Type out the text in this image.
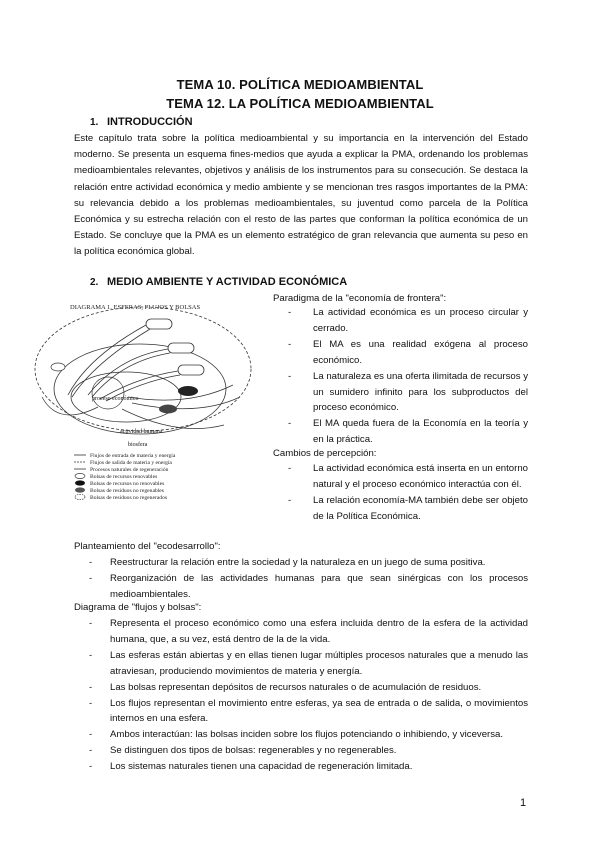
TEMA 10. POLÍTICA MEDIOAMBIENTAL
TEMA 12. LA POLÍTICA MEDIOAMBIENTAL
1. INTRODUCCIÓN
Este capítulo trata sobre la política medioambiental y su importancia en la intervención del Estado moderno. Se presenta un esquema fines-medios que ayuda a explicar la PMA, ordenando los problemas medioambientales relevantes, objetivos y análisis de los instrumentos para su consecución. Se destaca la relación entre actividad económica y medio ambiente y se mencionan tres rasgos importantes de la PMA: su relevancia debido a los problemas medioambientales, su juventud como parcela de la Política Económica y su estrecha relación con el resto de las partes que conforman la política económica de un Estado. Se concluye que la PMA es un elemento estratégico de gran relevancia que aumenta su peso en la política económica global.
2. MEDIO AMBIENTE Y ACTIVIDAD ECONÓMICA
DIAGRAMA 1. ESFERAS, FLUJOS Y BOLSAS
proceso económico
actividad humana
biosfera
Flujos de entrada de materia y energía
Flujos de salida de materia y energía
Procesos naturales de regeneración
Bolsas de recursos renovables
Bolsas de recursos no renovables
Bolsas de residuos no regenables
Bolsas de residuos no regenerados
Paradigma de la "economía de frontera":
- La actividad económica es un proceso circular y cerrado.
- El MA es una realidad exógena al proceso económico.
- La naturaleza es una oferta ilimitada de recursos y un sumidero infinito para los subproductos del proceso económico.
- El MA queda fuera de la Economía en la teoría y en la práctica.
Cambios de percepción:
- La actividad económica está inserta en un entorno natural y el proceso económico interactúa con él.
- La relación economía-MA también debe ser objeto de la Política Económica.
Planteamiento del "ecodesarrollo":
- Reestructurar la relación entre la sociedad y la naturaleza en un juego de suma positiva.
- Reorganización de las actividades humanas para que sean sinérgicas con los procesos medioambientales.
Diagrama de "flujos y bolsas":
- Representa el proceso económico como una esfera incluida dentro de la esfera de la actividad humana, que, a su vez, está dentro de la de la vida.
- Las esferas están abiertas y en ellas tienen lugar múltiples procesos naturales que a menudo las atraviesan, produciendo movimientos de materia y energía.
- Las bolsas representan depósitos de recursos naturales o de acumulación de residuos.
- Los flujos representan el movimiento entre esferas, ya sea de entrada o de salida, o movimientos internos en una esfera.
- Ambos interactúan: las bolsas inciden sobre los flujos potenciando o inhibiendo, y viceversa.
- Se distinguen dos tipos de bolsas: regenerables y no regenerables.
- Los sistemas naturales tienen una capacidad de regeneración limitada.
1
